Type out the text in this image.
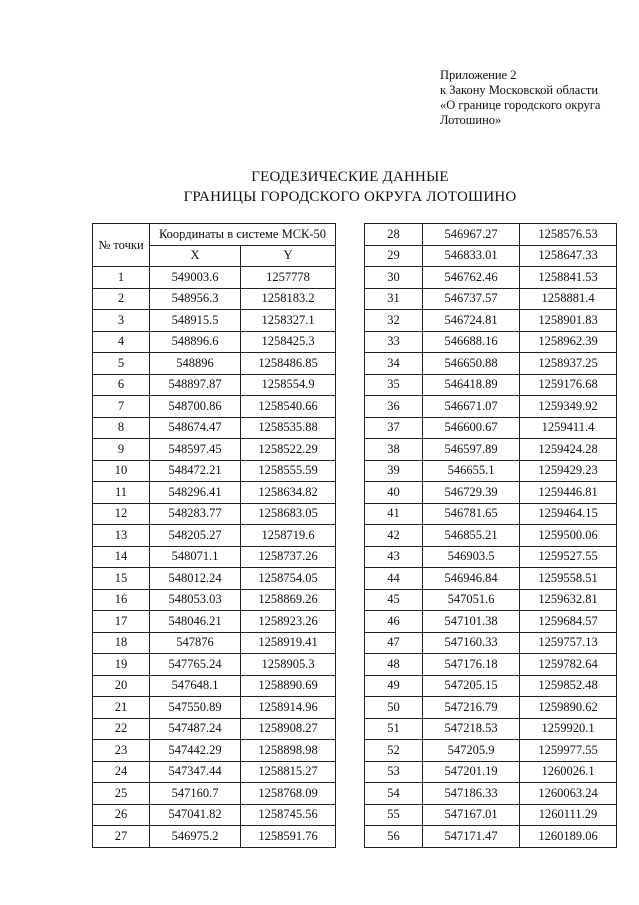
Приложение 2
к Закону Московской области
«О границе городского округа
Лотошино»
ГЕОДЕЗИЧЕСКИЕ ДАННЫЕ
ГРАНИЦЫ ГОРОДСКОГО ОКРУГА ЛОТОШИНО
№ точки	Координаты в системе МСК-50	
	X	Y
1	549003.6	1257778
2	548956.3	1258183.2
3	548915.5	1258327.1
4	548896.6	1258425.3
5	548896	1258486.85
6	548897.87	1258554.9
7	548700.86	1258540.66
8	548674.47	1258535.88
9	548597.45	1258522.29
10	548472.21	1258555.59
11	548296.41	1258634.82
12	548283.77	1258683.05
13	548205.27	1258719.6
14	548071.1	1258737.26
15	548012.24	1258754.05
16	548053.03	1258869.26
17	548046.21	1258923.26
18	547876	1258919.41
19	547765.24	1258905.3
20	547648.1	1258890.69
21	547550.89	1258914.96
22	547487.24	1258908.27
23	547442.29	1258898.98
24	547347.44	1258815.27
25	547160.7	1258768.09
26	547041.82	1258745.56
27	546975.2	1258591.76
28	546967.27	1258576.53
29	546833.01	1258647.33
30	546762.46	1258841.53
31	546737.57	1258881.4
32	546724.81	1258901.83
33	546688.16	1258962.39
34	546650.88	1258937.25
35	546418.89	1259176.68
36	546671.07	1259349.92
37	546600.67	1259411.4
38	546597.89	1259424.28
39	546655.1	1259429.23
40	546729.39	1259446.81
41	546781.65	1259464.15
42	546855.21	1259500.06
43	546903.5	1259527.55
44	546946.84	1259558.51
45	547051.6	1259632.81
46	547101.38	1259684.57
47	547160.33	1259757.13
48	547176.18	1259782.64
49	547205.15	1259852.48
50	547216.79	1259890.62
51	547218.53	1259920.1
52	547205.9	1259977.55
53	547201.19	1260026.1
54	547186.33	1260063.24
55	547167.01	1260111.29
56	547171.47	1260189.06
